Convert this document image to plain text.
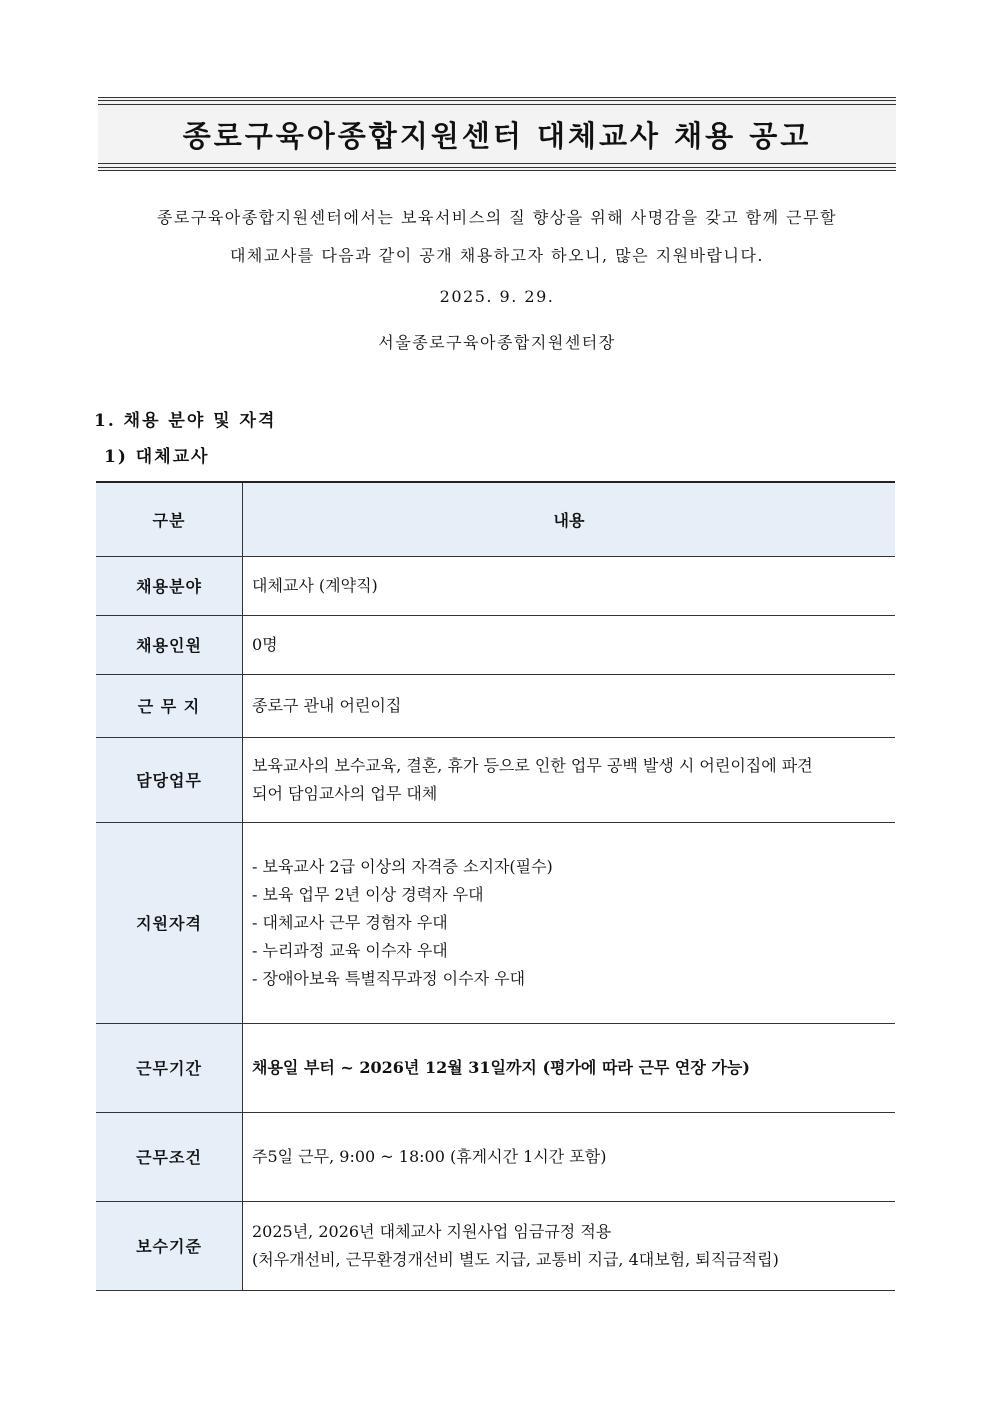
종로구육아종합지원센터 대체교사 채용 공고
종로구육아종합지원센터에서는 보육서비스의 질 향상을 위해 사명감을 갖고 함께 근무할
대체교사를 다음과 같이 공개 채용하고자 하오니, 많은 지원바랍니다.
2025. 9. 29.
서울종로구육아종합지원센터장
1. 채용 분야 및 자격
1) 대체교사
구분	내용
채용분야	대체교사 (계약직)

채용인원	0명

근 무 지	종로구 관내 어린이집

담당업무	보육교사의 보수교육, 결혼, 휴가 등으로 인한 업무 공백 발생 시 어린이집에 파견
되어 담임교사의 업무 대체

지원자격	- 보육교사 2급 이상의 자격증 소지자(필수)
- 보육 업무 2년 이상 경력자 우대
- 대체교사 근무 경험자 우대
- 누리과정 교육 이수자 우대
- 장애아보육 특별직무과정 이수자 우대

근무기간	채용일 부터 ~ 2026년 12월 31일까지 (평가에 따라 근무 연장 가능)

근무조건	주5일 근무, 9:00 ~ 18:00 (휴게시간 1시간 포함)

보수기준	2025년, 2026년 대체교사 지원사업 임금규정 적용
(처우개선비, 근무환경개선비 별도 지급, 교통비 지급, 4대보험, 퇴직금적립)
